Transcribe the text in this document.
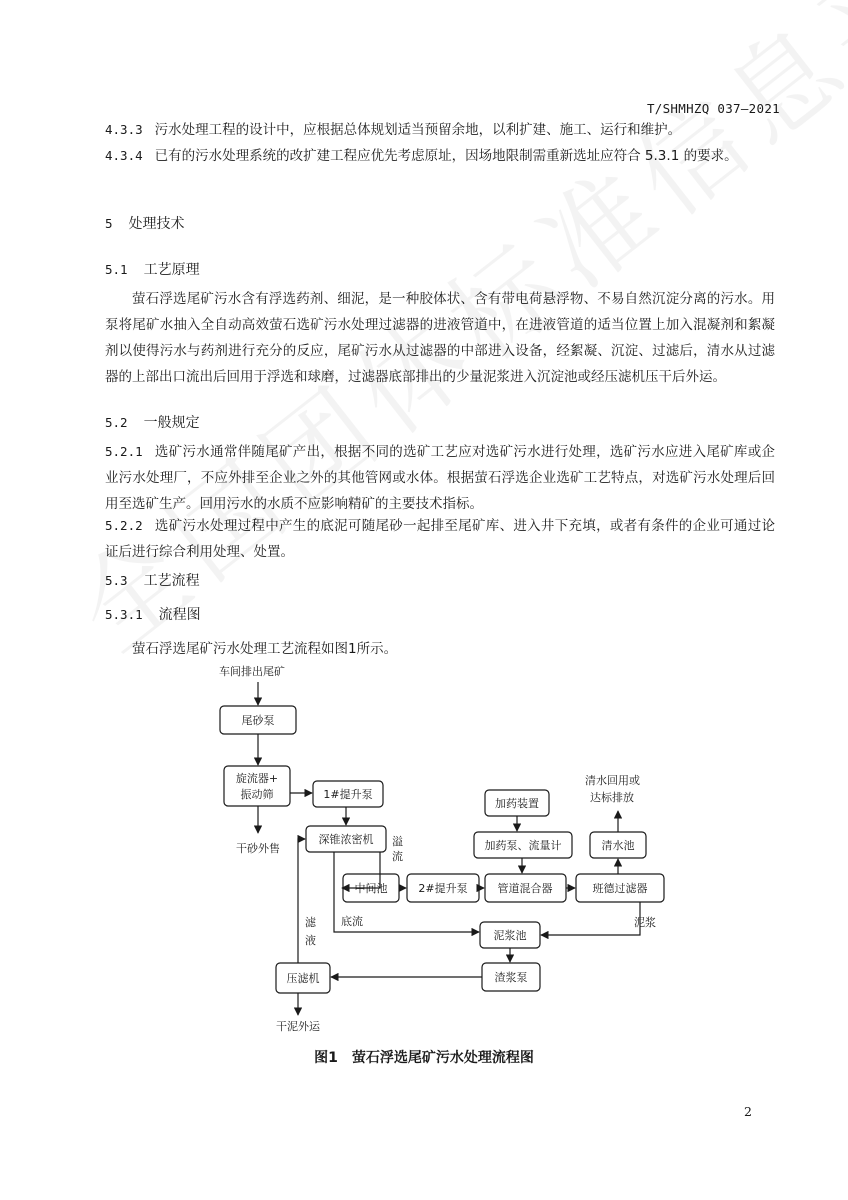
T/SHMHZQ 037—2021
4.3.3 污水处理工程的设计中，应根据总体规划适当预留余地，以利扩建、施工、运行和维护。
4.3.4 已有的污水处理系统的改扩建工程应优先考虑原址，因场地限制需重新选址应符合 5.3.1 的要求。
5 处理技术
5.1 工艺原理
萤石浮选尾矿污水含有浮选药剂、细泥，是一种胶体状、含有带电荷悬浮物、不易自然沉淀分离的污水。用泵将尾矿水抽入全自动高效萤石选矿污水处理过滤器的进液管道中，在进液管道的适当位置上加入混凝剂和絮凝剂以使得污水与药剂进行充分的反应，尾矿污水从过滤器的中部进入设备，经絮凝、沉淀、过滤后，清水从过滤器的上部出口流出后回用于浮选和球磨，过滤器底部排出的少量泥浆进入沉淀池或经压滤机压干后外运。
5.2 一般规定
5.2.1 选矿污水通常伴随尾矿产出，根据不同的选矿工艺应对选矿污水进行处理，选矿污水应进入尾矿库或企业污水处理厂，不应外排至企业之外的其他管网或水体。根据萤石浮选企业选矿工艺特点，对选矿污水处理后回用至选矿生产。回用污水的水质不应影响精矿的主要技术指标。
5.2.2 选矿污水处理过程中产生的底泥可随尾砂一起排至尾矿库、进入井下充填，或者有条件的企业可通过论证后进行综合利用处理、处置。
5.3 工艺流程
5.3.1 流程图
萤石浮选尾矿污水处理工艺流程如图1所示。
车间排出尾矿
尾砂泵
旋流器+
振动筛
干砂外售
1#提升泵
深锥浓密机 溢
流
中间池	2#提升泵	管道混合器
加药装置
加药泵、流量计	清水池
清水回用或
达标排放
班德过滤器
泥浆
底流
泥浆池
渣浆泵
滤
液
压滤机
干泥外运
图1　萤石浮选尾矿污水处理流程图
2
